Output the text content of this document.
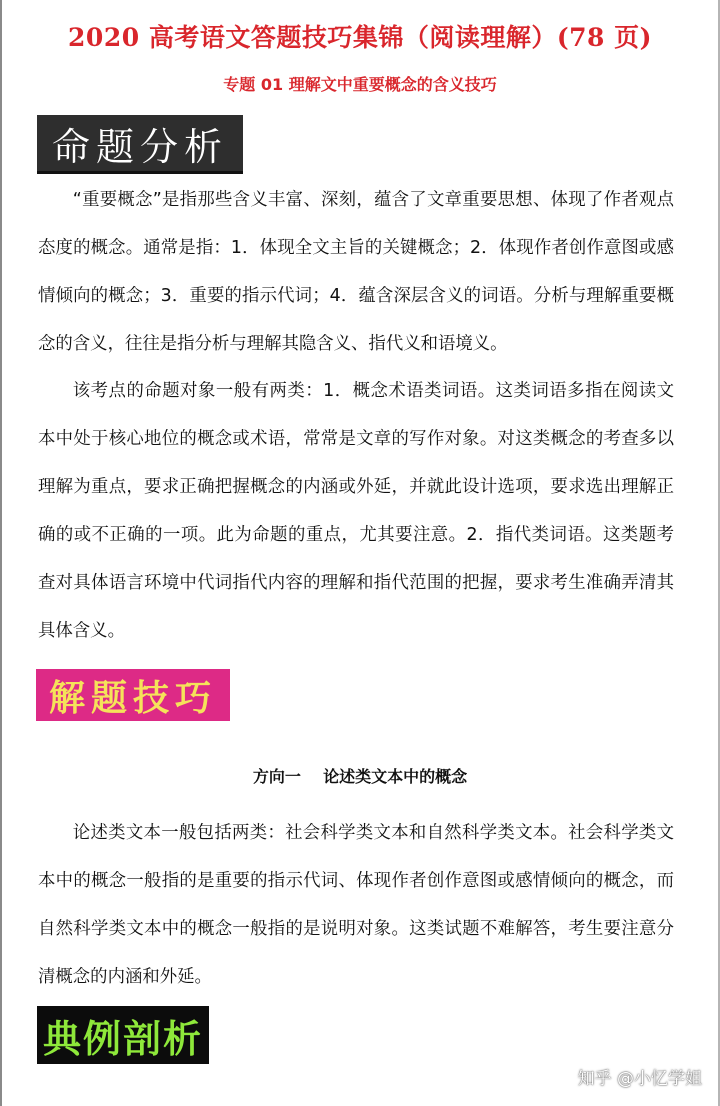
2020 高考语文答题技巧集锦（阅读理解）(78 页)
专题 01 理解文中重要概念的含义技巧
命题分析

“重要概念”是指那些含义丰富、深刻，蕴含了文章重要思想、体现了作者观点态度的概念。通常是指：1．体现全文主旨的关键概念；2．体现作者创作意图或感情倾向的概念；3．重要的指示代词；4．蕴含深层含义的词语。分析与理解重要概念的含义，往往是指分析与理解其隐含义、指代义和语境义。

该考点的命题对象一般有两类：1．概念术语类词语。这类词语多指在阅读文本中处于核心地位的概念或术语，常常是文章的写作对象。对这类概念的考查多以理解为重点，要求正确把握概念的内涵或外延，并就此设计选项，要求选出理解正确的或不正确的一项。此为命题的重点，尤其要注意。2．指代类词语。这类题考查对具体语言环境中代词指代内容的理解和指代范围的把握，要求考生准确弄清其具体含义。

解题技巧
方向一    论述类文本中的概念

论述类文本一般包括两类：社会科学类文本和自然科学类文本。社会科学类文本中的概念一般指的是重要的指示代词、体现作者创作意图或感情倾向的概念，而自然科学类文本中的概念一般指的是说明对象。这类试题不难解答，考生要注意分清概念的内涵和外延。

典例剖析
知乎 @小忆学姐
